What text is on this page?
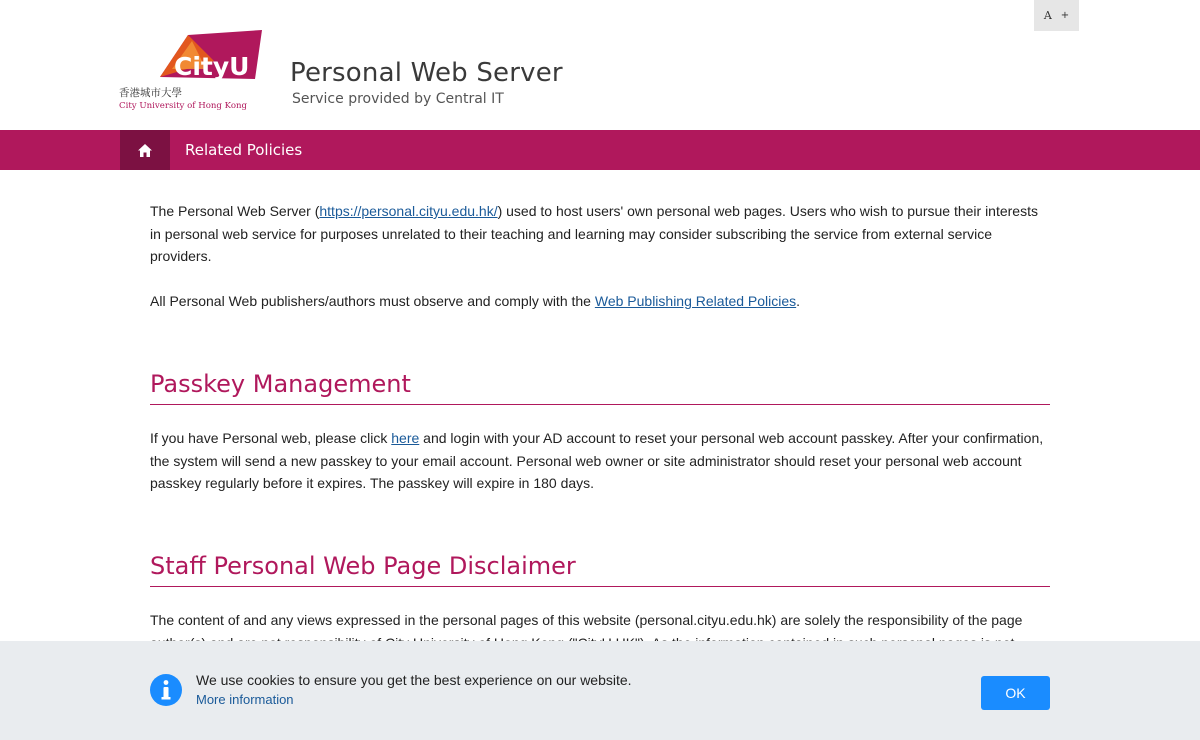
A +
CityU
香港城市大學
City University of Hong Kong
Personal Web Server
Service provided by Central IT
Related Policies

The Personal Web Server (https://personal.cityu.edu.hk/) used to host users' own personal web pages. Users who wish to pursue their interests in personal web service for purposes unrelated to their teaching and learning may consider subscribing the service from external service providers.

All Personal Web publishers/authors must observe and comply with the Web Publishing Related Policies.

Passkey Management

If you have Personal web, please click here and login with your AD account to reset your personal web account passkey. After your confirmation, the system will send a new passkey to your email account. Personal web owner or site administrator should reset your personal web account passkey regularly before it expires. The passkey will expire in 180 days.

Staff Personal Web Page Disclaimer

The content of and any views expressed in the personal pages of this website (personal.cityu.edu.hk) are solely the responsibility of the page

We use cookies to ensure you get the best experience on our website.
More information	OK
